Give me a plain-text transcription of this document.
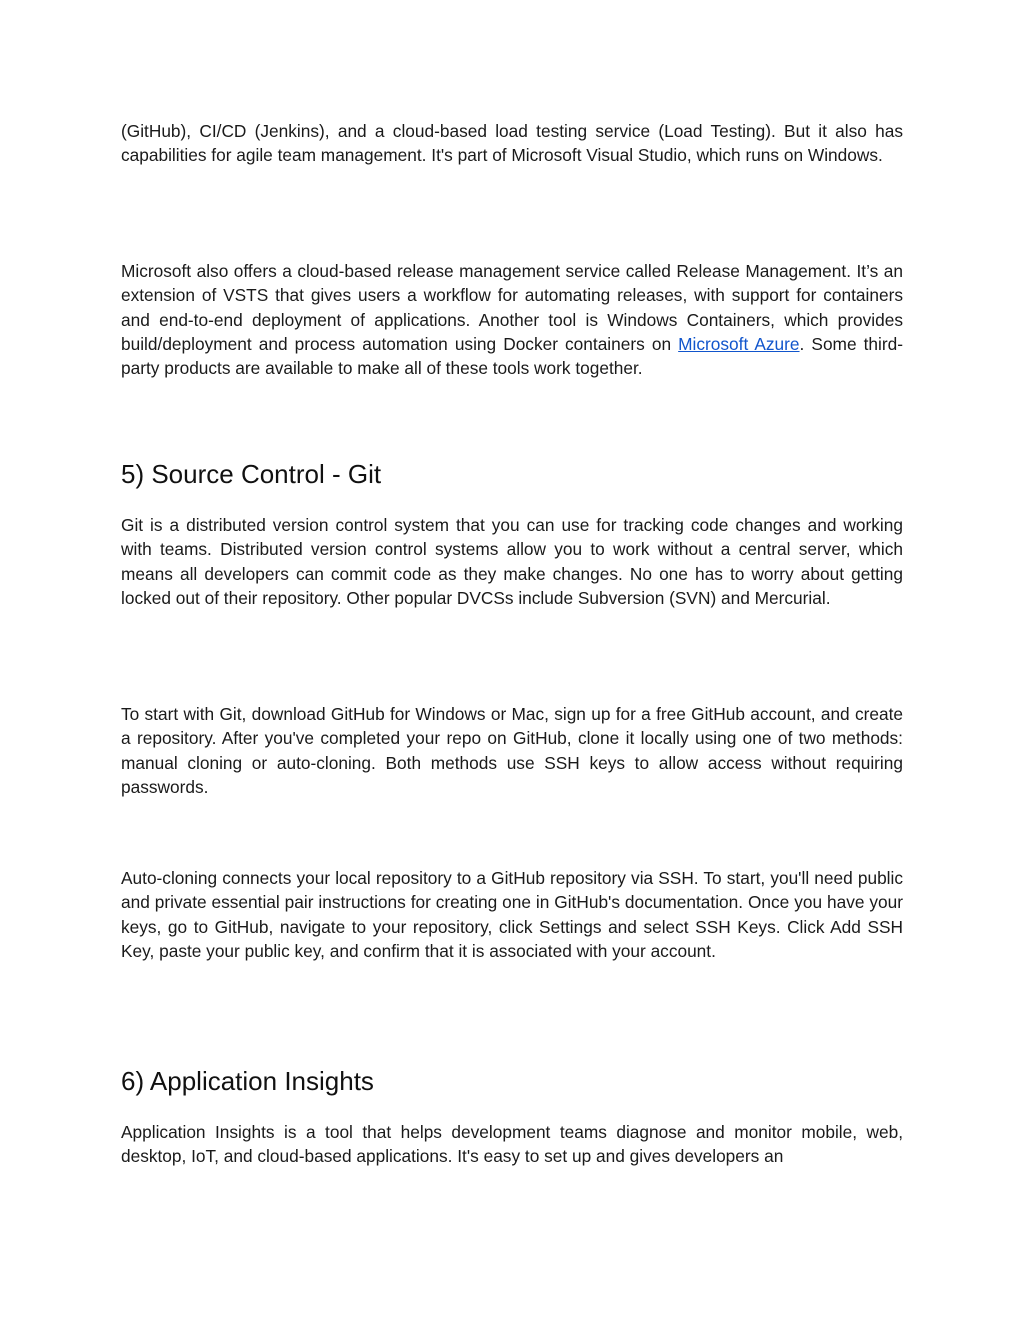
(GitHub), CI/CD (Jenkins), and a cloud-based load testing service (Load Testing). But it also has capabilities for agile team management. It's part of Microsoft Visual Studio, which runs on Windows.

Microsoft also offers a cloud-based release management service called Release Management. It’s an extension of VSTS that gives users a workflow for automating releases, with support for containers and end-to-end deployment of applications. Another tool is Windows Containers, which provides build/deployment and process automation using Docker containers on Microsoft Azure. Some third-party products are available to make all of these tools work together.

5) Source Control - Git

Git is a distributed version control system that you can use for tracking code changes and working with teams. Distributed version control systems allow you to work without a central server, which means all developers can commit code as they make changes. No one has to worry about getting locked out of their repository. Other popular DVCSs include Subversion (SVN) and Mercurial.

To start with Git, download GitHub for Windows or Mac, sign up for a free GitHub account, and create a repository. After you've completed your repo on GitHub, clone it locally using one of two methods: manual cloning or auto-cloning. Both methods use SSH keys to allow access without requiring passwords.

Auto-cloning connects your local repository to a GitHub repository via SSH. To start, you'll need public and private essential pair instructions for creating one in GitHub's documentation. Once you have your keys, go to GitHub, navigate to your repository, click Settings and select SSH Keys. Click Add SSH Key, paste your public key, and confirm that it is associated with your account.

6) Application Insights

Application Insights is a tool that helps development teams diagnose and monitor mobile, web, desktop, IoT, and cloud-based applications. It's easy to set up and gives developers an
